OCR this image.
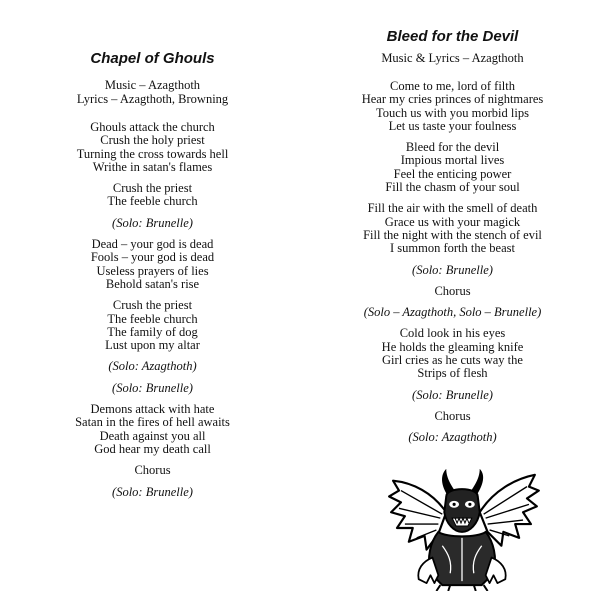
Chapel of Ghouls
Music – Azagthoth
Lyrics – Azagthoth, Browning
Ghouls attack the church
Crush the holy priest
Turning the cross towards hell
Writhe in satan's flames
Crush the priest
The feeble church
(Solo: Brunelle)
Dead – your god is dead
Fools – your god is dead
Useless prayers of lies
Behold satan's rise
Crush the priest
The feeble church
The family of dog
Lust upon my altar
(Solo: Azagthoth)
(Solo: Brunelle)
Demons attack with hate
Satan in the fires of hell awaits
Death against you all
God hear my death call
Chorus
(Solo: Brunelle)
Bleed for the Devil
Music & Lyrics – Azagthoth
Come to me, lord of filth
Hear my cries princes of nightmares
Touch us with you morbid lips
Let us taste your foulness
Bleed for the devil
Impious mortal lives
Feel the enticing power
Fill the chasm of your soul
Fill the air with the smell of death
Grace us with your magick
Fill the night with the stench of evil
I summon forth the beast
(Solo: Brunelle)
Chorus
(Solo – Azagthoth, Solo – Brunelle)
Cold look in his eyes
He holds the gleaming knife
Girl cries as he cuts way the
Strips of flesh
(Solo: Brunelle)
Chorus
(Solo: Azagthoth)
